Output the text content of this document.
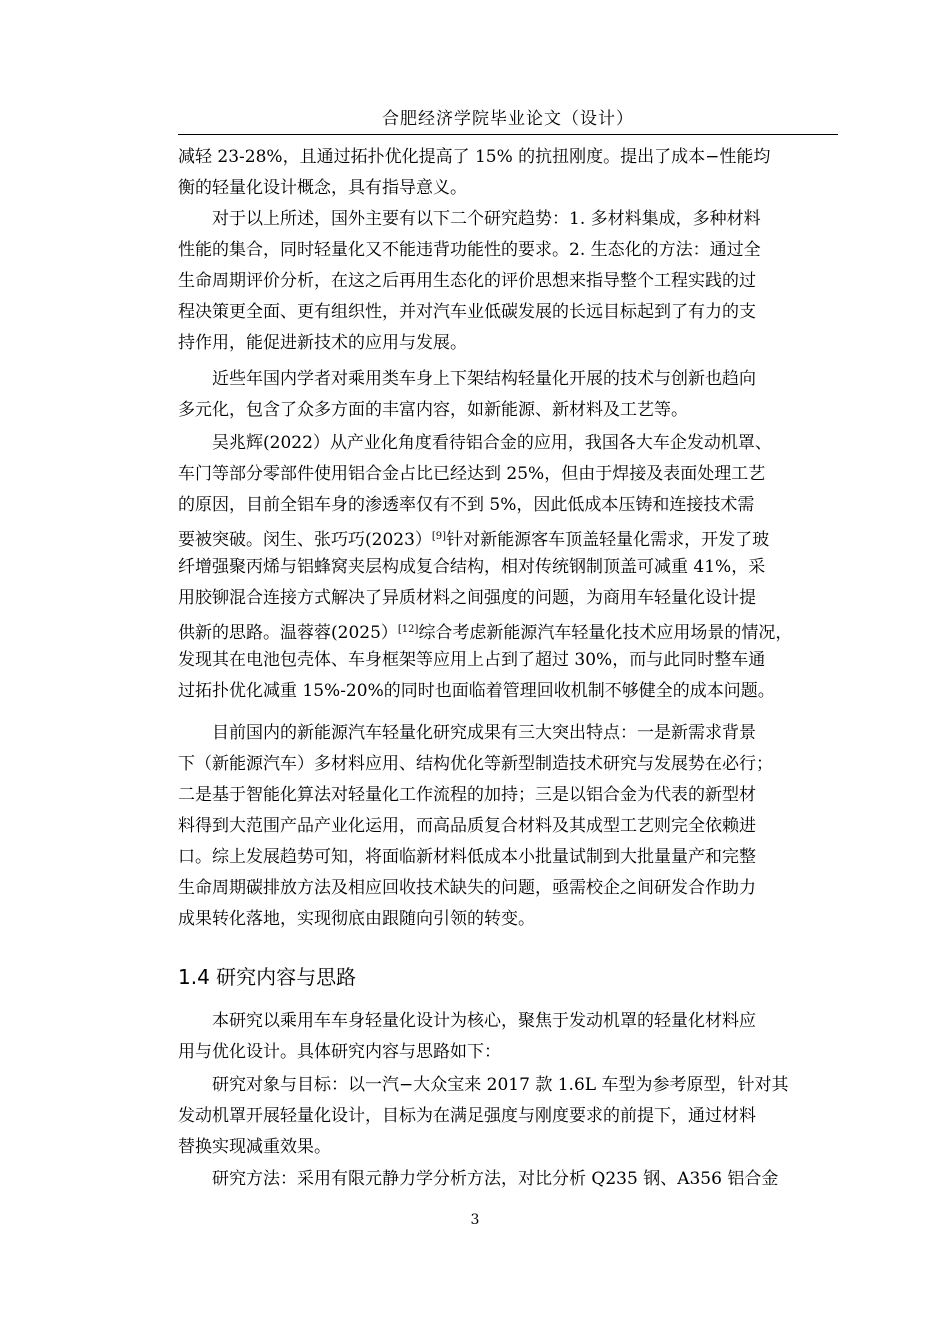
合肥经济学院毕业论文（设计）
减轻 23-28%，且通过拓扑优化提高了 15% 的抗扭刚度。提出了成本−性能均
衡的轻量化设计概念，具有指导意义。
　　对于以上所述，国外主要有以下二个研究趋势：1. 多材料集成，多种材料
性能的集合，同时轻量化又不能违背功能性的要求。2. 生态化的方法：通过全
生命周期评价分析，在这之后再用生态化的评价思想来指导整个工程实践的过
程决策更全面、更有组织性，并对汽车业低碳发展的长远目标起到了有力的支
持作用，能促进新技术的应用与发展。
　　近些年国内学者对乘用类车身上下架结构轻量化开展的技术与创新也趋向
多元化，包含了众多方面的丰富内容，如新能源、新材料及工艺等。
　　吴兆辉(2022）从产业化角度看待铝合金的应用，我国各大车企发动机罩、
车门等部分零部件使用铝合金占比已经达到 25%，但由于焊接及表面处理工艺
的原因，目前全铝车身的渗透率仅有不到 5%，因此低成本压铸和连接技术需
要被突破。闵生、张巧巧(2023）[9]针对新能源客车顶盖轻量化需求，开发了玻
纤增强聚丙烯与铝蜂窝夹层构成复合结构，相对传统钢制顶盖可减重 41%，采
用胶铆混合连接方式解决了异质材料之间强度的问题，为商用车轻量化设计提
供新的思路。温蓉蓉(2025）[12]综合考虑新能源汽车轻量化技术应用场景的情况，
发现其在电池包壳体、车身框架等应用上占到了超过 30%，而与此同时整车通
过拓扑优化减重 15%-20%的同时也面临着管理回收机制不够健全的成本问题。
　　目前国内的新能源汽车轻量化研究成果有三大突出特点：一是新需求背景
下（新能源汽车）多材料应用、结构优化等新型制造技术研究与发展势在必行；
二是基于智能化算法对轻量化工作流程的加持；三是以铝合金为代表的新型材
料得到大范围产品产业化运用，而高品质复合材料及其成型工艺则完全依赖进
口。综上发展趋势可知，将面临新材料低成本小批量试制到大批量量产和完整
生命周期碳排放方法及相应回收技术缺失的问题，亟需校企之间研发合作助力
成果转化落地，实现彻底由跟随向引领的转变。
1.4 研究内容与思路
　　本研究以乘用车车身轻量化设计为核心，聚焦于发动机罩的轻量化材料应
用与优化设计。具体研究内容与思路如下：
　　研究对象与目标：以一汽−大众宝来 2017 款 1.6L 车型为参考原型，针对其
发动机罩开展轻量化设计，目标为在满足强度与刚度要求的前提下，通过材料
替换实现减重效果。
　　研究方法：采用有限元静力学分析方法，对比分析 Q235 钢、A356 铝合金
3
